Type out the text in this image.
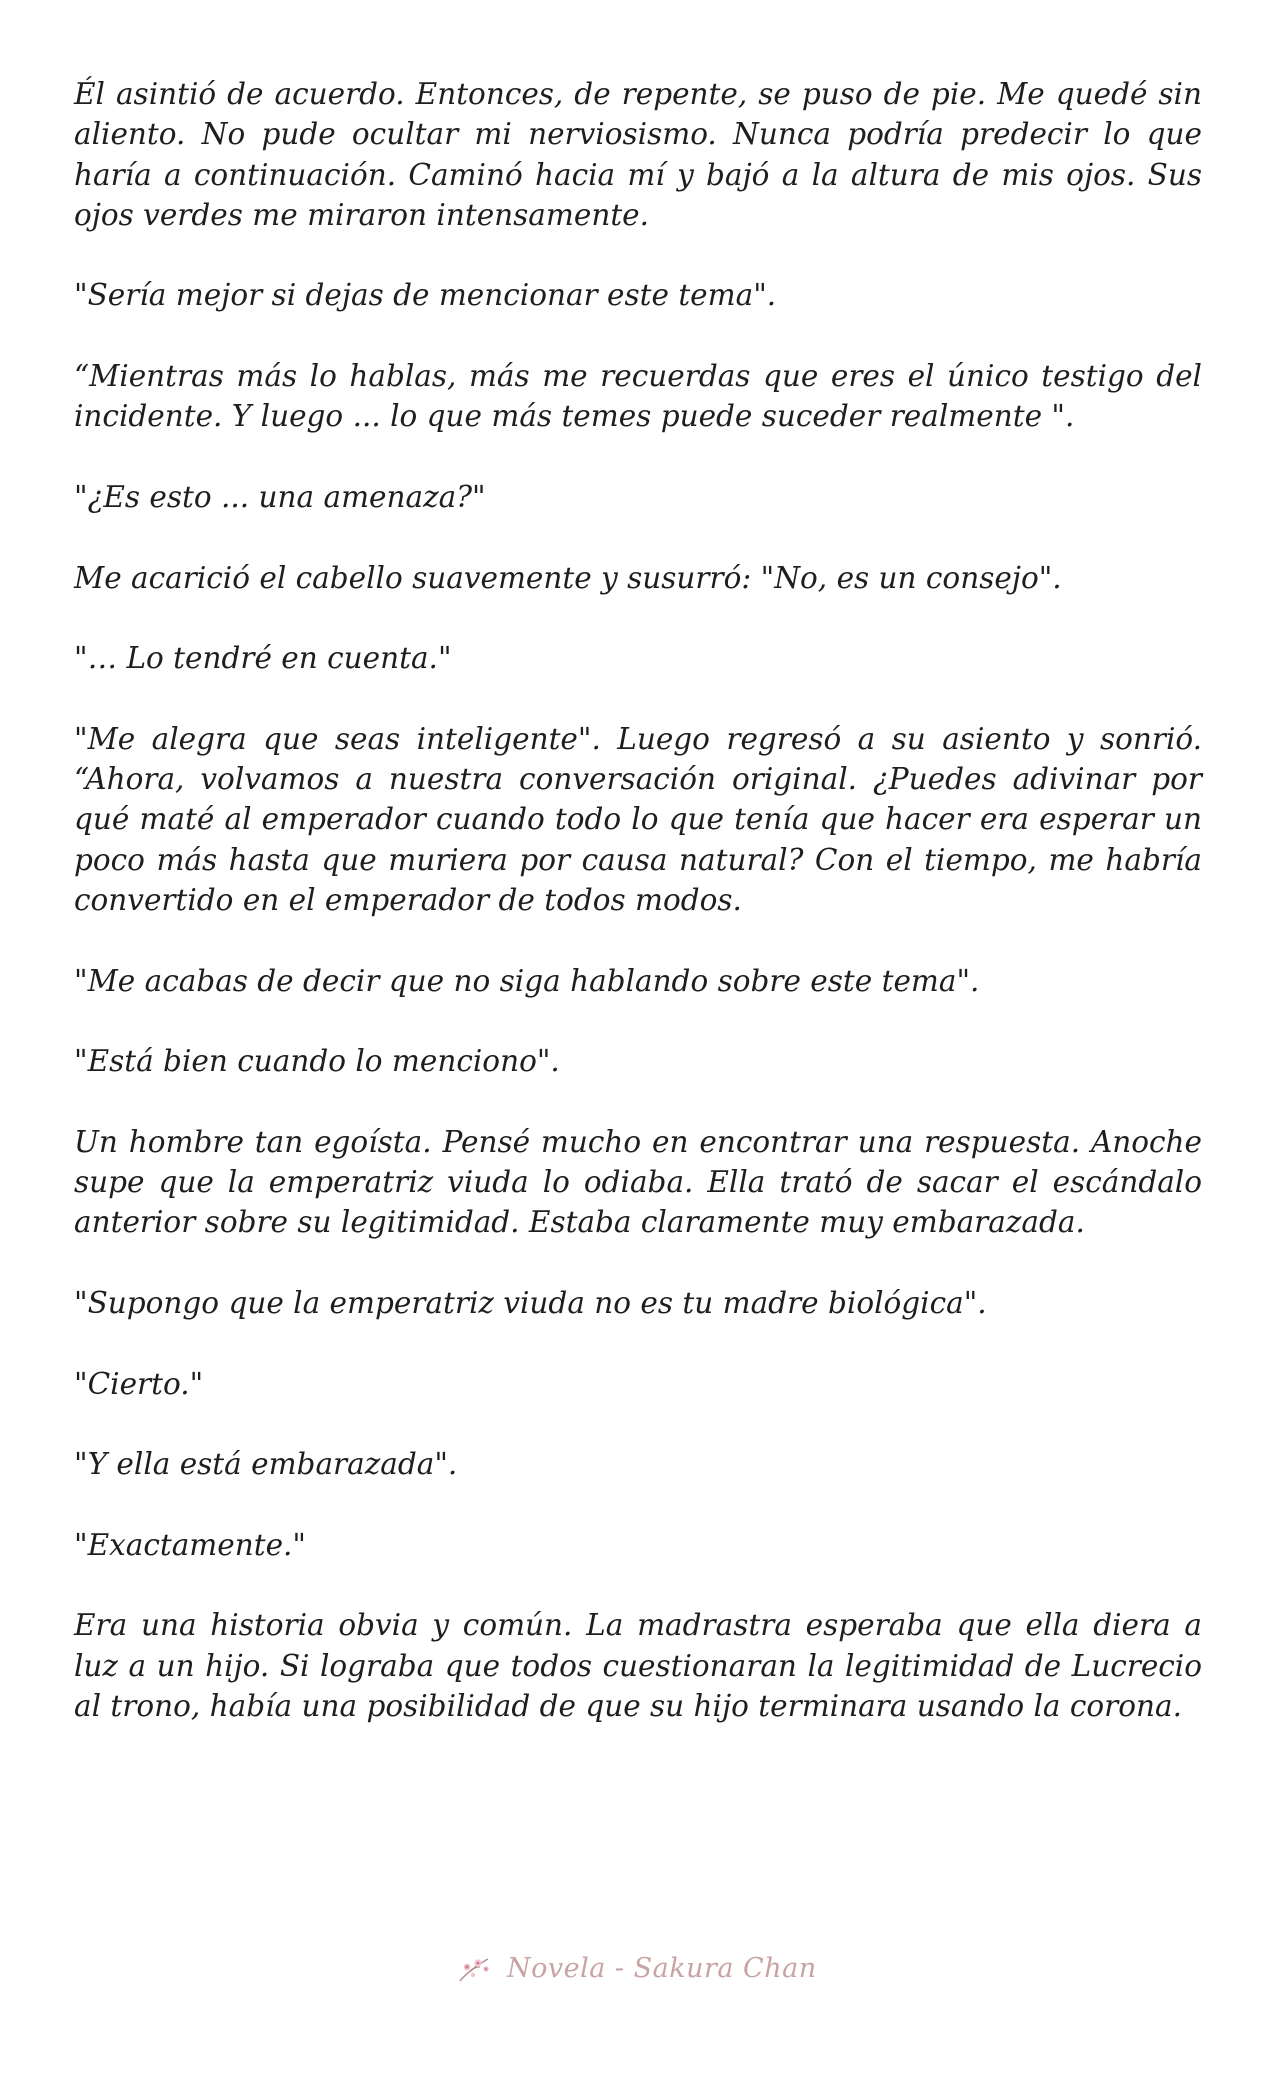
Él asintió de acuerdo. Entonces, de repente, se puso de pie. Me quedé sin aliento. No pude ocultar mi nerviosismo. Nunca podría predecir lo que haría a continuación. Caminó hacia mí y bajó a la altura de mis ojos. Sus ojos verdes me miraron intensamente.

"Sería mejor si dejas de mencionar este tema".

“Mientras más lo hablas, más me recuerdas que eres el único testigo del incidente. Y luego ... lo que más temes puede suceder realmente ".

"¿Es esto ... una amenaza?"

Me acarició el cabello suavemente y susurró: "No, es un consejo".

"… Lo tendré en cuenta."

"Me alegra que seas inteligente". Luego regresó a su asiento y sonrió. “Ahora, volvamos a nuestra conversación original. ¿Puedes adivinar por qué maté al emperador cuando todo lo que tenía que hacer era esperar un poco más hasta que muriera por causa natural? Con el tiempo, me habría convertido en el emperador de todos modos.

"Me acabas de decir que no siga hablando sobre este tema".

"Está bien cuando lo menciono".

Un hombre tan egoísta. Pensé mucho en encontrar una respuesta. Anoche supe que la emperatriz viuda lo odiaba. Ella trató de sacar el escándalo anterior sobre su legitimidad. Estaba claramente muy embarazada.

"Supongo que la emperatriz viuda no es tu madre biológica".

"Cierto."

"Y ella está embarazada".

"Exactamente."

Era una historia obvia y común. La madrastra esperaba que ella diera a luz a un hijo. Si lograba que todos cuestionaran la legitimidad de Lucrecio al trono, había una posibilidad de que su hijo terminara usando la corona.

Novela - Sakura Chan
